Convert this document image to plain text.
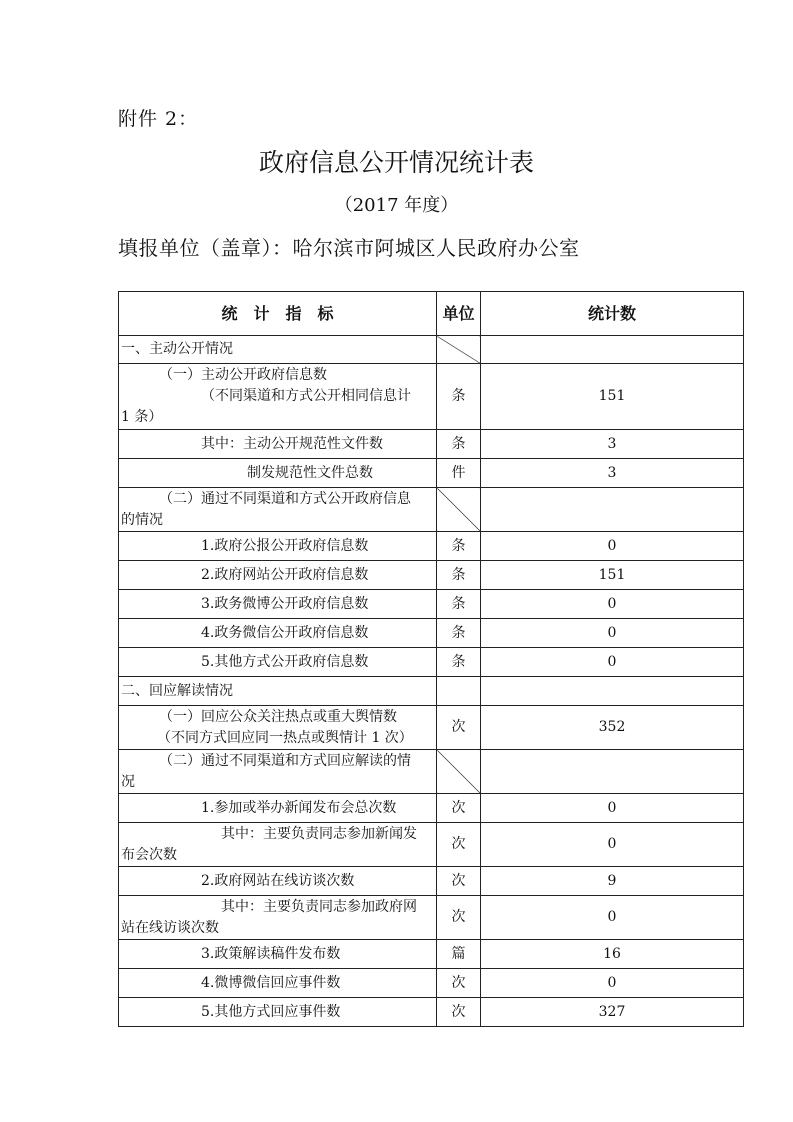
附件 2：
政府信息公开情况统计表
（2017 年度）
填报单位（盖章）：哈尔滨市阿城区人民政府办公室
统　计　指　标	单位	统计数
一、主动公开情况		

（一）主动公开政府信息数
（不同渠道和方式公开相同信息计
1 条）	条	151
其中：主动公开规范性文件数	条	3
制发规范性文件总数	件	3

（二）通过不同渠道和方式公开政府信息
的情况		

1.政府公报公开政府信息数	条	0
2.政府网站公开政府信息数	条	151
3.政务微博公开政府信息数	条	0
4.政务微信公开政府信息数	条	0
5.其他方式公开政府信息数	条	0
二、回应解读情况		

（一）回应公众关注热点或重大舆情数
（不同方式回应同一热点或舆情计 1 次）	次	352

（二）通过不同渠道和方式回应解读的情
况		

1.参加或举办新闻发布会总次数	次	0

其中：主要负责同志参加新闻发
布会次数	次	0
2.政府网站在线访谈次数	次	9

其中：主要负责同志参加政府网
站在线访谈次数	次	0
3.政策解读稿件发布数	篇	16
4.微博微信回应事件数	次	0
5.其他方式回应事件数	次	327
